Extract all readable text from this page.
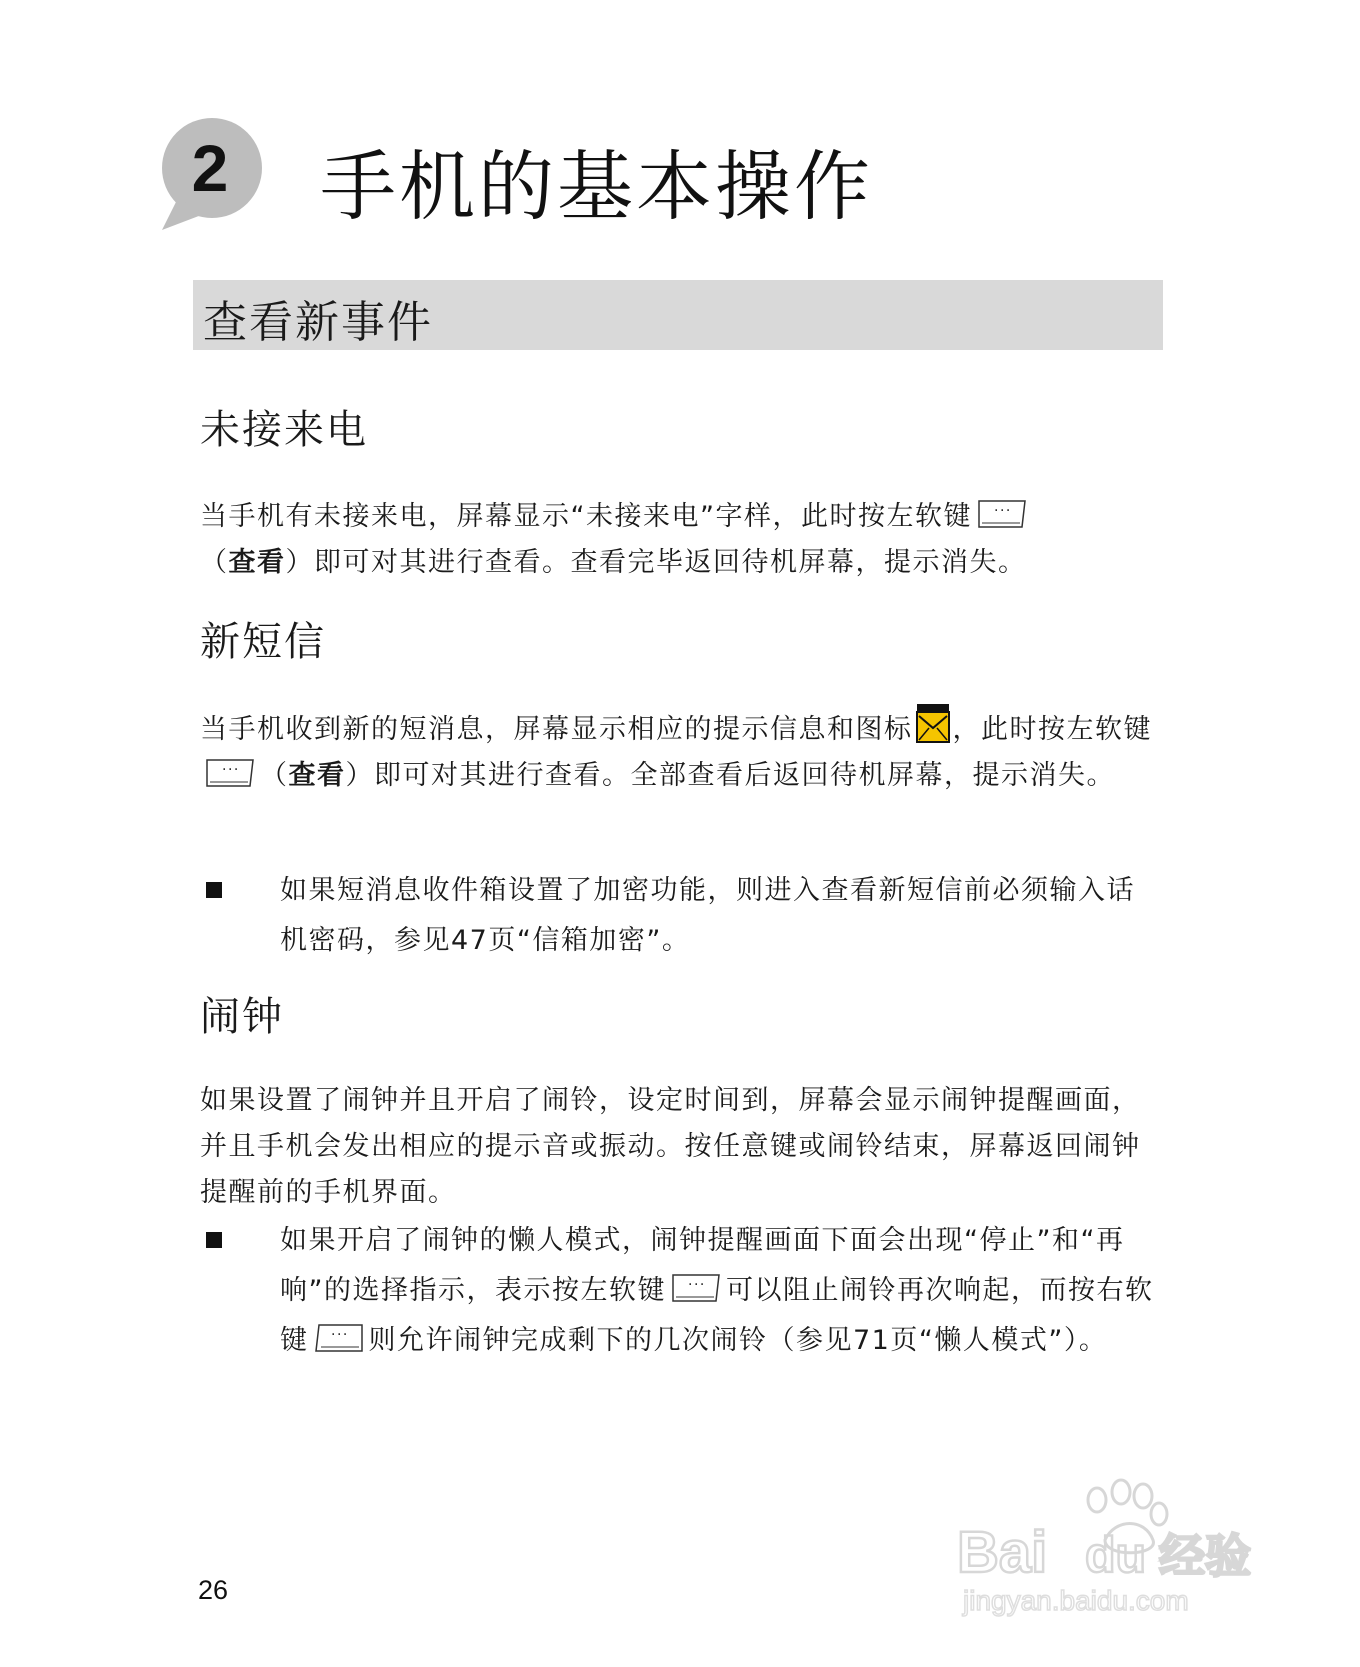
2	手机的基本操作
查看新事件
未接来电
当手机有未接来电，屏幕显示“未接来电”字样，此时按左软键 ···

（查看）即可对其进行查看。查看完毕返回待机屏幕，提示消失。
新短信
当手机收到新的短消息，屏幕显示相应的提示信息和图标 ，此时按左软键

··· （查看）即可对其进行查看。全部查看后返回待机屏幕，提示消失。
如果短消息收件箱设置了加密功能，则进入查看新短信前必须输入话机密码，参见47页“信箱加密”。
闹钟
如果设置了闹钟并且开启了闹铃，设定时间到，屏幕会显示闹钟提醒画面，并且手机会发出相应的提示音或振动。按任意键或闹铃结束，屏幕返回闹钟提醒前的手机界面。
如果开启了闹钟的懒人模式，闹钟提醒画面下面会出现“停止”和“再响”的选择指示，表示按左软键 ··· 可以阻止闹铃再次响起，而按右软键 ··· 则允许闹钟完成剩下的几次闹铃（参见71页“懒人模式”）。
26
Bai du 经验
jingyan.baidu.com
